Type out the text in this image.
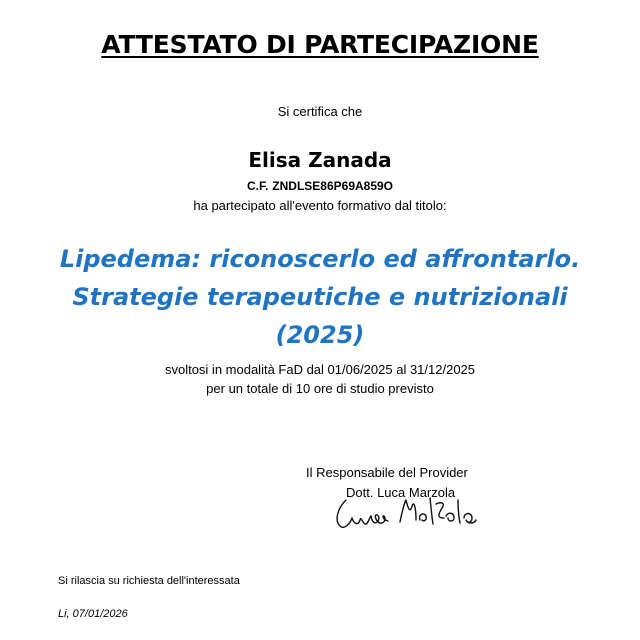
ATTESTATO DI PARTECIPAZIONE
Si certifica che
Elisa Zanada
C.F. ZNDLSE86P69A859O
ha partecipato all'evento formativo dal titolo:
Lipedema: riconoscerlo ed affrontarlo. Strategie terapeutiche e nutrizionali (2025)
svoltosi in modalità FaD dal 01/06/2025 al 31/12/2025
per un totale di 10 ore di studio previsto
Il Responsabile del Provider
Dott. Luca Marzola
Si rilascia su richiesta dell'interessata
Li, 07/01/2026
